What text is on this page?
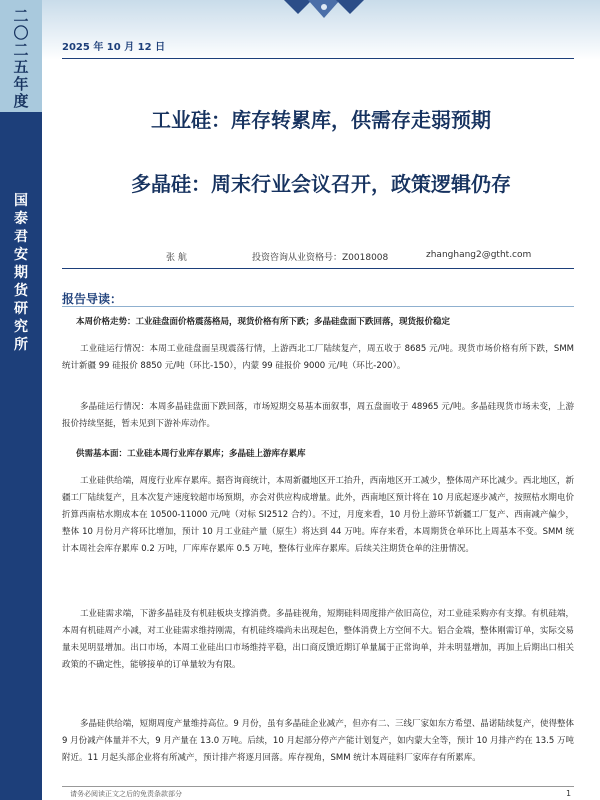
二
〇
二
五
年
度
国
泰
君
安
期
货
研
究
所
2025 年 10 月 12 日
工业硅：库存转累库，供需存走弱预期
多晶硅：周末行业会议召开，政策逻辑仍存
张 航	投资咨询从业资格号：Z0018008	zhanghang2@gtht.com
报告导读：
本周价格走势：工业硅盘面价格震荡格局，现货价格有所下跌；多晶硅盘面下跌回落，现货报价稳定
工业硅运行情况：本周工业硅盘面呈现震荡行情，上游西北工厂陆续复产，周五收于 8685 元/吨。现货市场价格有所下跌，SMM 统计新疆 99 硅报价 8850 元/吨（环比-150），内蒙 99 硅报价 9000 元/吨（环比-200）。
多晶硅运行情况：本周多晶硅盘面下跌回落，市场短期交易基本面叙事，周五盘面收于 48965 元/吨。多晶硅现货市场未变，上游报价持续坚挺，暂未见到下游补库动作。
供需基本面：工业硅本周行业库存累库；多晶硅上游库存累库
工业硅供给端，周度行业库存累库。据咨询商统计，本周新疆地区开工抬升，西南地区开工减少，整体周产环比减少。西北地区，新疆工厂陆续复产，且本次复产速度较超市场预期，亦会对供应构成增量。此外，西南地区预计将在 10 月底起逐步减产，按照枯水期电价折算西南枯水期成本在 10500-11000 元/吨（对标 SI2512 合约）。不过，月度来看，10 月份上游环节新疆工厂复产、西南减产偏少，整体 10 月份月产将环比增加，预计 10 月工业硅产量（原生）将达到 44 万吨。库存来看，本周期货仓单环比上周基本不变。SMM 统计本周社会库存累库 0.2 万吨，厂库库存累库 0.5 万吨，整体行业库存累库。后续关注期货仓单的注册情况。
工业硅需求端，下游多晶硅及有机硅板块支撑消费。多晶硅视角，短期硅料周度排产依旧高位，对工业硅采购亦有支撑。有机硅端，本周有机硅周产小减，对工业硅需求维持刚需，有机硅终端尚未出现起色，整体消费上方空间不大。铝合金端，整体刚需订单，实际交易量未见明显增加。出口市场，本周工业硅出口市场维持平稳，出口商反馈近期订单量属于正常询单，并未明显增加，再加上后期出口相关政策的不确定性，能够接单的订单量较为有限。
多晶硅供给端，短期周度产量维持高位。9 月份，虽有多晶硅企业减产，但亦有二、三线厂家如东方希望、晶诺陆续复产，使得整体 9 月份减产体量并不大，9 月产量在 13.0 万吨。后续，10 月起部分停产产能计划复产，如内蒙大全等，预计 10 月排产约在 13.5 万吨附近。11 月起头部企业将有所减产，预计排产将逐月回落。库存视角，SMM 统计本周硅料厂家库存有所累库。
请务必阅读正文之后的免责条款部分	1
